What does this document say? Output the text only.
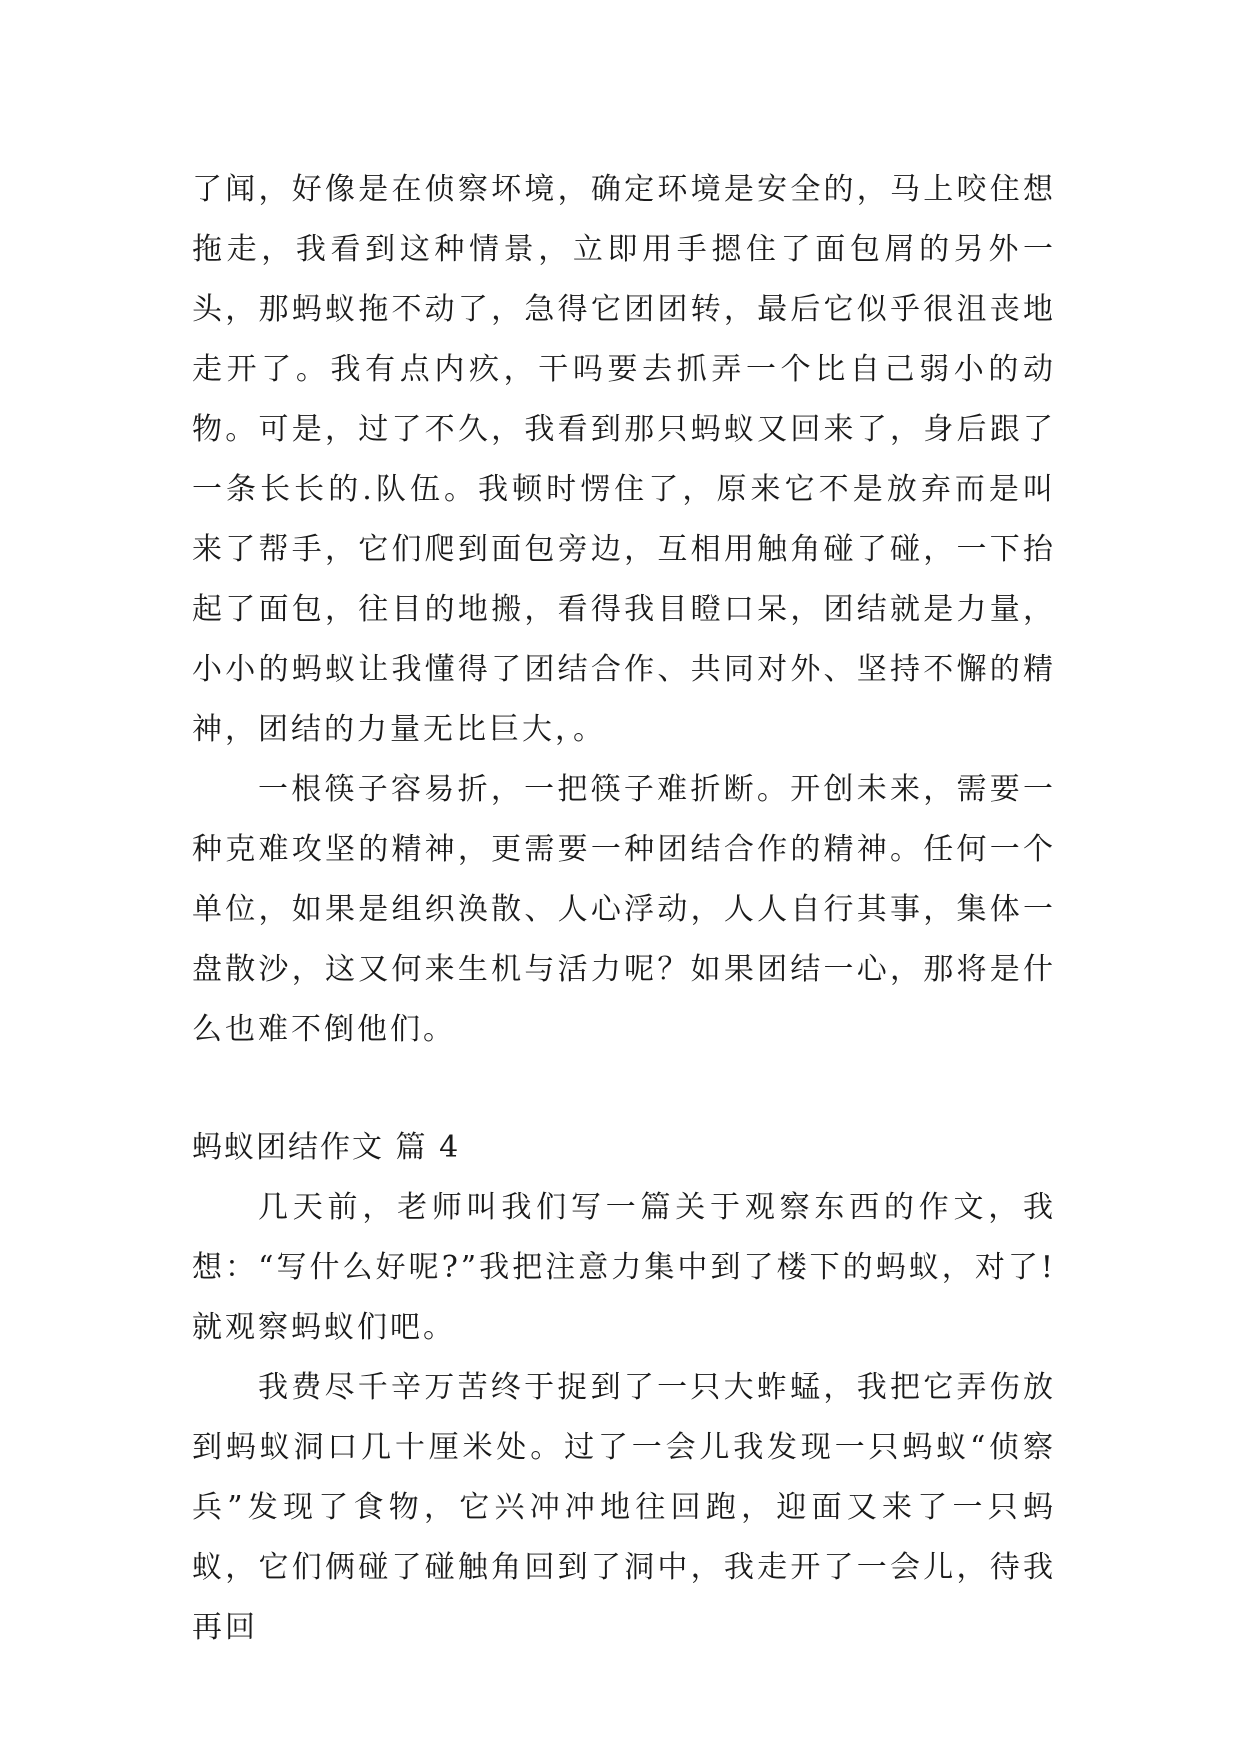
了闻，好像是在侦察坏境，确定环境是安全的，马上咬住想拖走，我看到这种情景，立即用手摁住了面包屑的另外一头，那蚂蚁拖不动了，急得它团团转，最后它似乎很沮丧地走开了。我有点内疚，干吗要去抓弄一个比自己弱小的动物。可是，过了不久，我看到那只蚂蚁又回来了，身后跟了一条长长的.队伍。我顿时愣住了，原来它不是放弃而是叫来了帮手，它们爬到面包旁边，互相用触角碰了碰，一下抬起了面包，往目的地搬，看得我目瞪口呆，团结就是力量，小小的蚂蚁让我懂得了团结合作、共同对外、坚持不懈的精神，团结的力量无比巨大，。

一根筷子容易折，一把筷子难折断。开创未来，需要一种克难攻坚的精神，更需要一种团结合作的精神。任何一个单位，如果是组织涣散、人心浮动，人人自行其事，集体一盘散沙，这又何来生机与活力呢？如果团结一心，那将是什么也难不倒他们。

蚂蚁团结作文 篇 4

几天前，老师叫我们写一篇关于观察东西的作文，我想：“写什么好呢?”我把注意力集中到了楼下的蚂蚁，对了!就观察蚂蚁们吧。

我费尽千辛万苦终于捉到了一只大蚱蜢，我把它弄伤放到蚂蚁洞口几十厘米处。过了一会儿我发现一只蚂蚁“侦察兵”发现了食物，它兴冲冲地往回跑，迎面又来了一只蚂蚁，它们俩碰了碰触角回到了洞中，我走开了一会儿，待我再回
